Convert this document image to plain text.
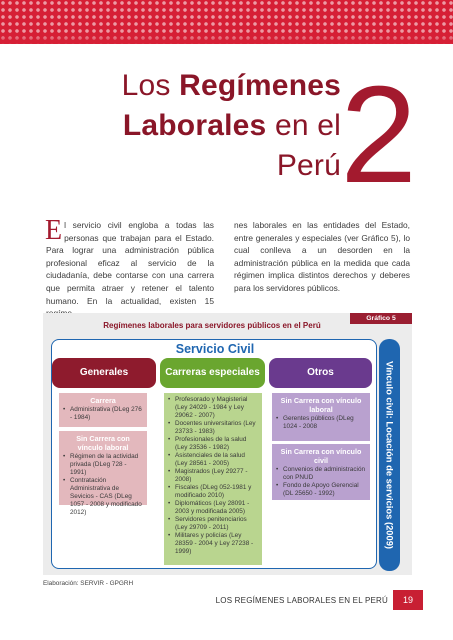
Los Regímenes
Laborales en el
Perú 2
El servicio civil engloba a todas las personas que trabajan para el Estado. Para lograr una administración pública profesional eficaz al servicio de la ciudadanía, debe contarse con una carrera que permita atraer y retener el talento humano. En la actualidad, existen 15
nes laborales en las entidades del Estado, entre generales y especiales (ver Gráfico 5), lo cual conlleva a un desorden en la administración pública en la medida que cada régimen implica distintos derechos y deberes para los servidores públicos.
Regímenes laborales para servidores públicos en el Perú
Gráfico 5
Servicio Civil
Vínculo civil: Locación de servicios (2009)
Generales	Carreras especiales	Otros
Carrera
• Administrativa (DLeg 276 - 1984)
Sin Carrera con vínculo laboral
• Régimen de la actividad privada (DLeg 728 - 1991)
• Contratación Administrativa de Sevicios - CAS (DLeg 1057 - 2008 y modificado 2012)
• Profesorado y Magisterial (Ley 24029 - 1984 y Ley 29062 - 2007)
• Docentes universitarios (Ley 23733 - 1983)
• Profesionales de la salud (Ley 23536 - 1982)
• Asistenciales de la salud (Ley 28561 - 2005)
• Magistrados (Ley 29277 - 2008)
• Fiscales (DLeg 052-1981 y modificado 2010)
• Diplomáticos (Ley 28091 - 2003 y modificada 2005)
• Servidores penitenciarios (Ley 29709 - 2011)
• Militares y policías (Ley 28359 - 2004 y Ley 27238 - 1999)
Sin Carrera con vínculo laboral
• Gerentes públicos (DLeg 1024 - 2008
Sin Carrera con vínculo civil
• Convenios de administración con PNUD
• Fondo de Apoyo Gerencial (DL 25650 - 1992)
Elaboración: SERVIR - GPGRH
LOS REGÍMENES LABORALES EN EL PERÚ	19
